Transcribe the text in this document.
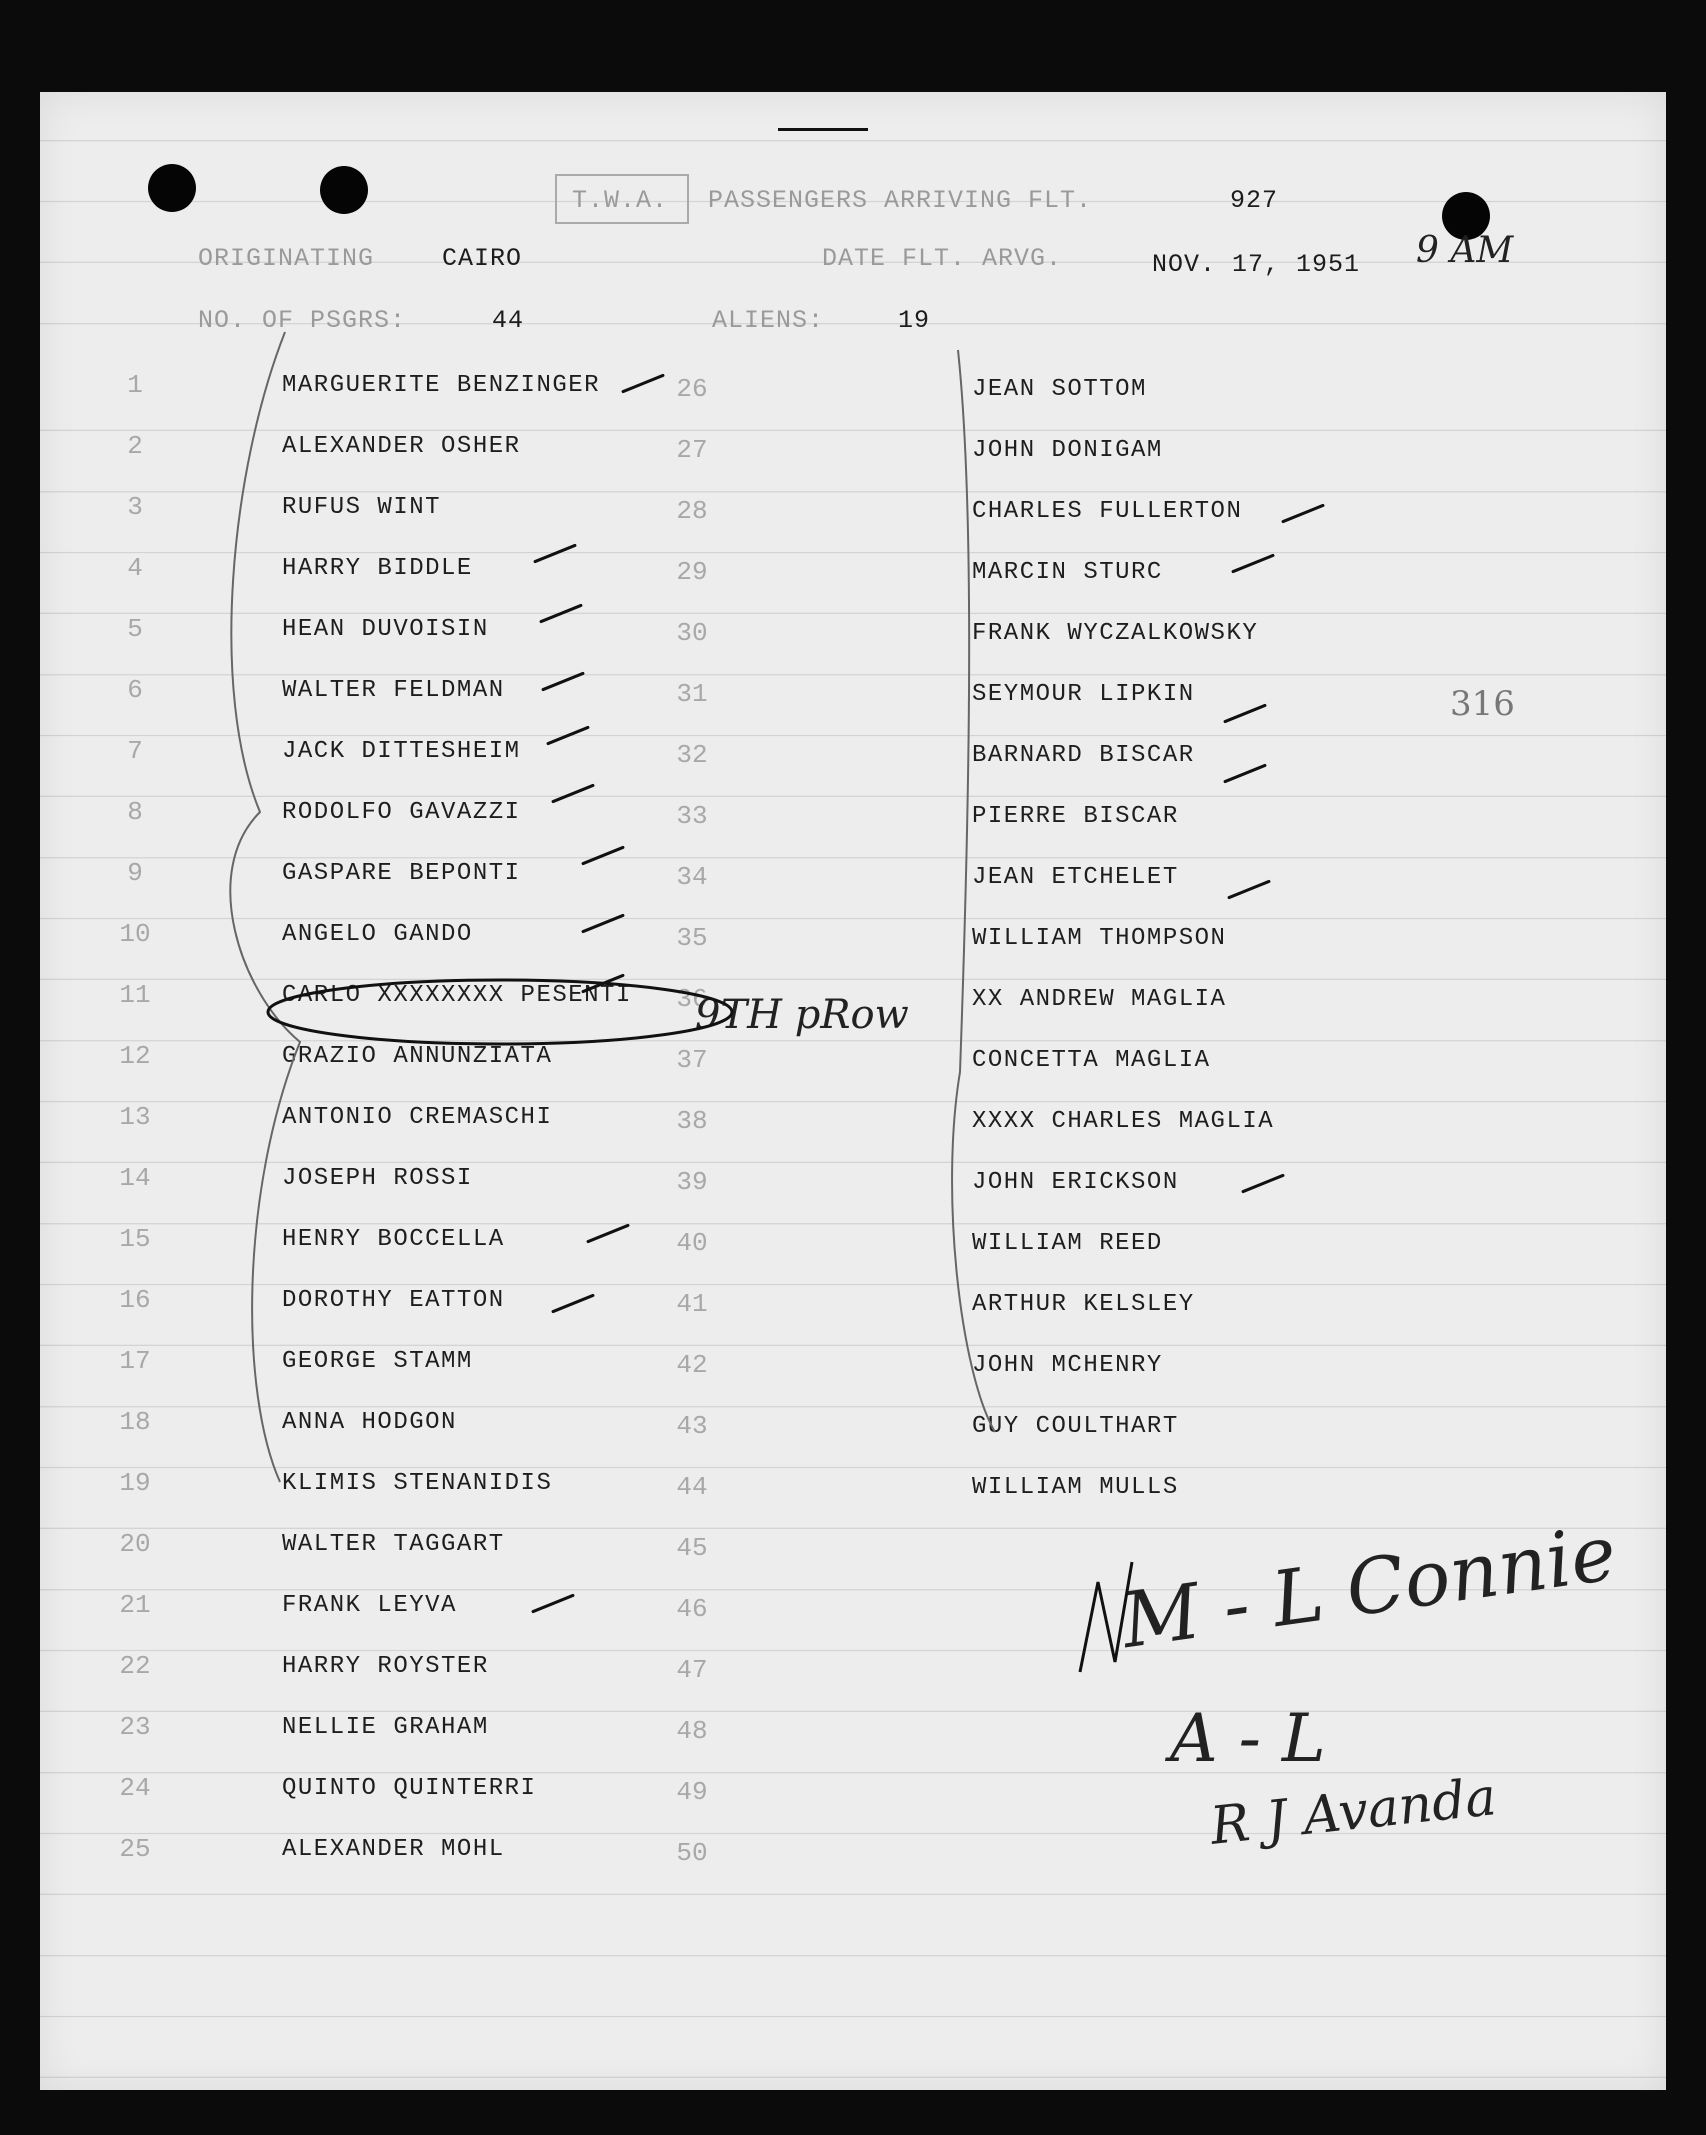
T.W.A. PASSENGERS ARRIVING FLT.	927
ORIGINATING	CAIRO	DATE FLT. ARVG.	NOV. 17, 1951 9 AM
NO. OF PSGRS:	44	ALIENS:	19
1	MARGUERITE BENZINGER
2	ALEXANDER OSHER
3	RUFUS WINT
4	HARRY BIDDLE
5	HEAN DUVOISIN
6	WALTER FELDMAN
7	JACK DITTESHEIM
8	RODOLFO GAVAZZI
9	GASPARE BEPONTI
10	ANGELO GANDO
11	CARLO XXXXXXXX PESENTI
12	GRAZIO ANNUNZIATA
13	ANTONIO CREMASCHI
14	JOSEPH ROSSI
15	HENRY BOCCELLA
16	DOROTHY EATTON
17	GEORGE STAMM
18	ANNA HODGON
19	KLIMIS STENANIDIS
20	WALTER TAGGART
21	FRANK LEYVA
22	HARRY ROYSTER
23	NELLIE GRAHAM
24	QUINTO QUINTERRI
25	ALEXANDER MOHL
26	JEAN SOTTOM
27	JOHN DONIGAM
28	CHARLES FULLERTON
29	MARCIN STURC
30	FRANK WYCZALKOWSKY
31	SEYMOUR LIPKIN
32	BARNARD BISCAR
33	PIERRE BISCAR
34	JEAN ETCHELET
35	WILLIAM THOMPSON
36	XX ANDREW MAGLIA
37	CONCETTA MAGLIA
38	XXXX CHARLES MAGLIA
39	JOHN ERICKSON
40	WILLIAM REED
41	ARTHUR KELSLEY
42	JOHN MCHENRY
43	GUY COULTHART
44	WILLIAM MULLS
45
46
47
48
49
50
9TH pRow
316
M - L Connie
A - L
R J Avanda
